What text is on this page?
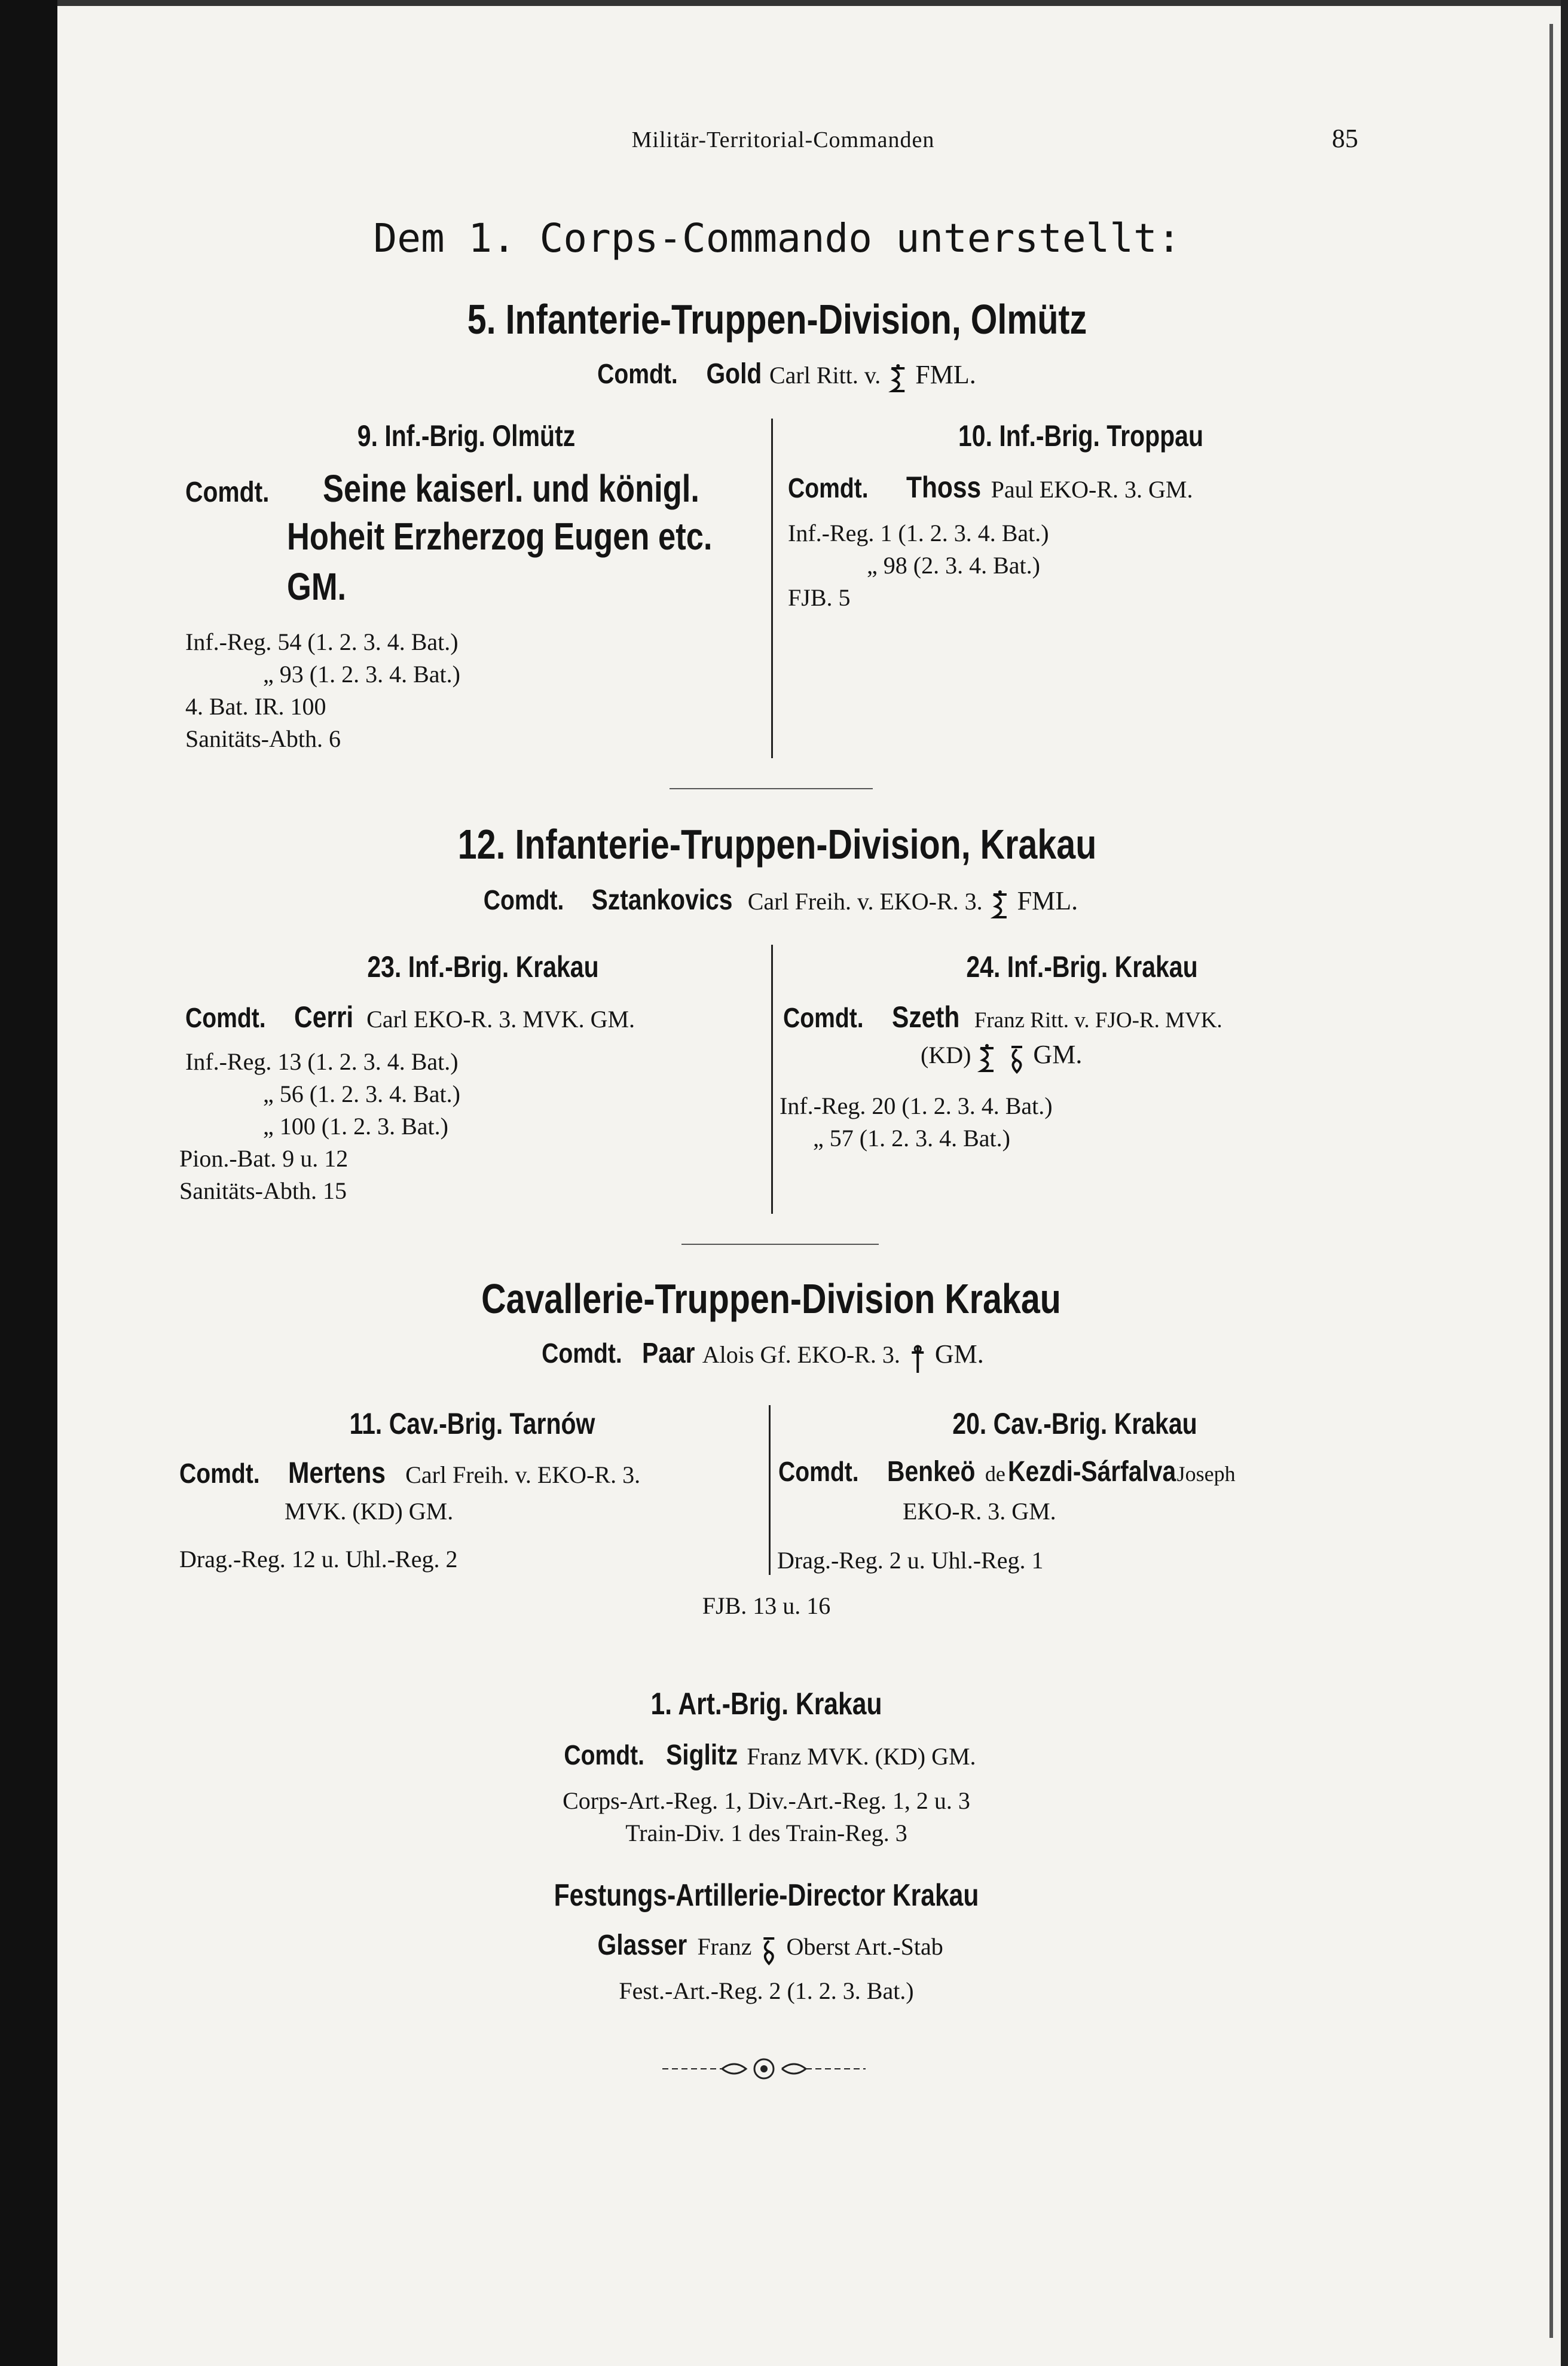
Militär-Territorial-Commanden	85
Dem 1. Corps-Commando unterstellt:
5. Infanterie-Truppen-Division, Olmütz
Comdt. Gold Carl Ritt. v. FML.
9. Inf.-Brig. Olmütz
Comdt. Seine kaiserl. und königl.
Hoheit Erzherzog Eugen etc.
GM.
Inf.-Reg. 54 (1. 2. 3. 4. Bat.)
„ 93 (1. 2. 3. 4. Bat.)
4. Bat. IR. 100
Sanitäts-Abth. 6
10. Inf.-Brig. Troppau
Comdt. Thoss Paul EKO-R. 3. GM.
Inf.-Reg. 1 (1. 2. 3. 4. Bat.)
„ 98 (2. 3. 4. Bat.)
FJB. 5
12. Infanterie-Truppen-Division, Krakau
Comdt. Sztankovics Carl Freih. v. EKO-R. 3. FML.
23. Inf.-Brig. Krakau
Comdt. Cerri Carl EKO-R. 3. MVK. GM.
Inf.-Reg. 13 (1. 2. 3. 4. Bat.)
„ 56 (1. 2. 3. 4. Bat.)
„ 100 (1. 2. 3. Bat.)
Pion.-Bat. 9 u. 12
Sanitäts-Abth. 15
24. Inf.-Brig. Krakau
Comdt. Szeth Franz Ritt. v. FJO-R. MVK.
(KD) GM.
Inf.-Reg. 20 (1. 2. 3. 4. Bat.)
„ 57 (1. 2. 3. 4. Bat.)
Cavallerie-Truppen-Division Krakau
Comdt. Paar Alois Gf. EKO-R. 3. GM.
11. Cav.-Brig. Tarnów
Comdt. Mertens Carl Freih. v. EKO-R. 3.
MVK. (KD) GM.
Drag.-Reg. 12 u. Uhl.-Reg. 2
20. Cav.-Brig. Krakau
Comdt. Benkeö de Kezdi-Sárfalva Joseph
EKO-R. 3. GM.
Drag.-Reg. 2 u. Uhl.-Reg. 1
FJB. 13 u. 16
1. Art.-Brig. Krakau
Comdt. Siglitz Franz MVK. (KD) GM.
Corps-Art.-Reg. 1, Div.-Art.-Reg. 1, 2 u. 3
Train-Div. 1 des Train-Reg. 3
Festungs-Artillerie-Director Krakau
Glasser Franz Oberst Art.-Stab
Fest.-Art.-Reg. 2 (1. 2. 3. Bat.)
